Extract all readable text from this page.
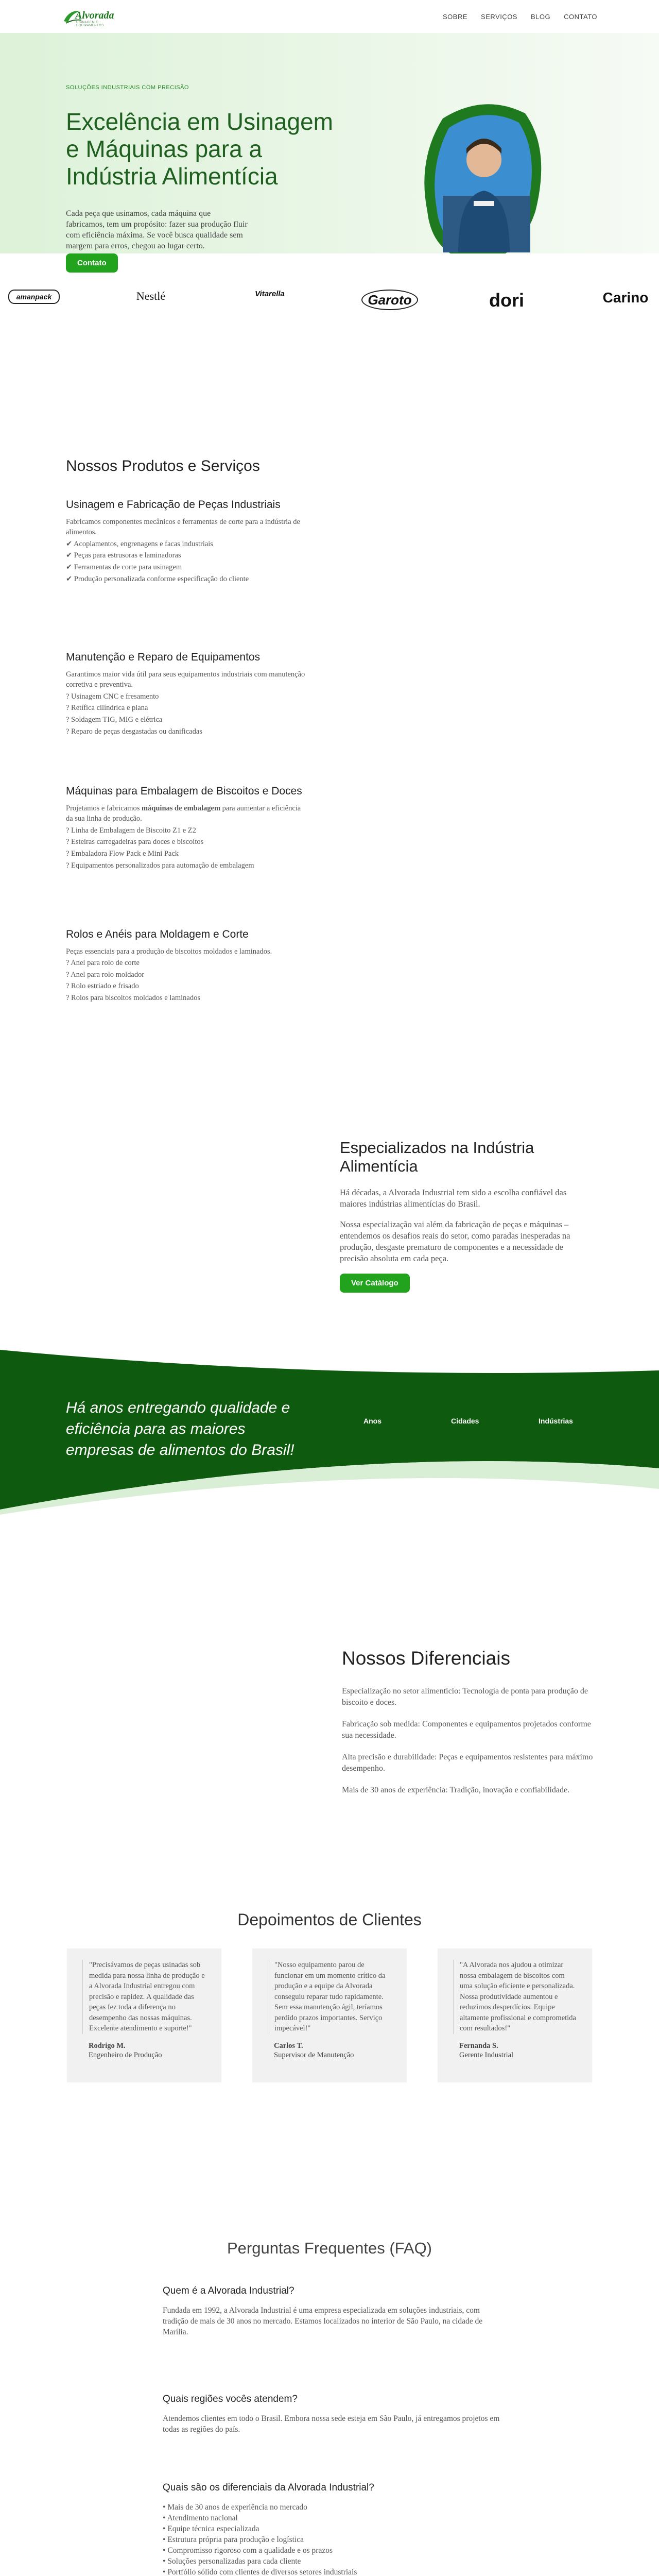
Alvorada
USINAGEM E EQUIPAMENTOS
SOBRE SERVIÇOS BLOG CONTATO
SOLUÇÕES INDUSTRIAIS COM PRECISÃO
Excelência em Usinagem e Máquinas para a Indústria Alimentícia

Cada peça que usinamos, cada máquina que fabricamos, tem um propósito: fazer sua produção fluir com eficiência máxima. Se você busca qualidade sem margem para erros, chegou ao lugar certo.

Contato
amanpack	Nestlé	Vitarella	Garoto	dori	Carino
Nossos Produtos e Serviços
Usinagem e Fabricação de Peças Industriais

Fabricamos componentes mecânicos e ferramentas de corte para a indústria de alimentos.

✔ Acoplamentos, engrenagens e facas industriais

✔ Peças para estrusoras e laminadoras

✔ Ferramentas de corte para usinagem

✔ Produção personalizada conforme especificação do cliente

Manutenção e Reparo de Equipamentos

Garantimos maior vida útil para seus equipamentos industriais com manutenção corretiva e preventiva.

? Usinagem CNC e fresamento

? Retífica cilíndrica e plana

? Soldagem TIG, MIG e elétrica

? Reparo de peças desgastadas ou danificadas

Máquinas para Embalagem de Biscoitos e Doces

Projetamos e fabricamos máquinas de embalagem para aumentar a eficiência da sua linha de produção.

? Linha de Embalagem de Biscoito Z1 e Z2

? Esteiras carregadeiras para doces e biscoitos

? Embaladora Flow Pack e Mini Pack

? Equipamentos personalizados para automação de embalagem

Rolos e Anéis para Moldagem e Corte

Peças essenciais para a produção de biscoitos moldados e laminados.

? Anel para rolo de corte

? Anel para rolo moldador

? Rolo estriado e frisado

? Rolos para biscoitos moldados e laminados

Especializados na Indústria Alimentícia

Há décadas, a Alvorada Industrial tem sido a escolha confiável das maiores indústrias alimentícias do Brasil.

Nossa especialização vai além da fabricação de peças e máquinas – entendemos os desafios reais do setor, como paradas inesperadas na produção, desgaste prematuro de componentes e a necessidade de precisão absoluta em cada peça.

Ver Catálogo
Há anos entregando qualidade e eficiência para as maiores empresas de alimentos do Brasil!
Anos	Cidades	Indústrias
Nossos Diferenciais

Especialização no setor alimentício: Tecnologia de ponta para produção de biscoito e doces.

Fabricação sob medida: Componentes e equipamentos projetados conforme sua necessidade.

Alta precisão e durabilidade: Peças e equipamentos resistentes para máximo desempenho.

Mais de 30 anos de experiência: Tradição, inovação e confiabilidade.

Depoimentos de Clientes
"Precisávamos de peças usinadas sob medida para nossa linha de produção e a Alvorada Industrial entregou com precisão e rapidez. A qualidade das peças fez toda a diferença no desempenho das nossas máquinas. Excelente atendimento e suporte!"
Rodrigo M.
Engenheiro de Produção
"Nosso equipamento parou de funcionar em um momento crítico da produção e a equipe da Alvorada conseguiu reparar tudo rapidamente. Sem essa manutenção ágil, teríamos perdido prazos importantes. Serviço impecável!"
Carlos T.
Supervisor de Manutenção
"A Alvorada nos ajudou a otimizar nossa embalagem de biscoitos com uma solução eficiente e personalizada. Nossa produtividade aumentou e reduzimos desperdícios. Equipe altamente profissional e comprometida com resultados!"
Fernanda S.
Gerente Industrial
Perguntas Frequentes (FAQ)
Quem é a Alvorada Industrial?

Fundada em 1992, a Alvorada Industrial é uma empresa especializada em soluções industriais, com tradição de mais de 30 anos no mercado. Estamos localizados no interior de São Paulo, na cidade de Marília.

Quais regiões vocês atendem?

Atendemos clientes em todo o Brasil. Embora nossa sede esteja em São Paulo, já entregamos projetos em todas as regiões do país.

Quais são os diferenciais da Alvorada Industrial?
• Mais de 30 anos de experiência no mercado
• Atendimento nacional
• Equipe técnica especializada
• Estrutura própria para produção e logística
• Compromisso rigoroso com a qualidade e os prazos
• Soluções personalizadas para cada cliente
• Portfólio sólido com clientes de diversos setores industriais
